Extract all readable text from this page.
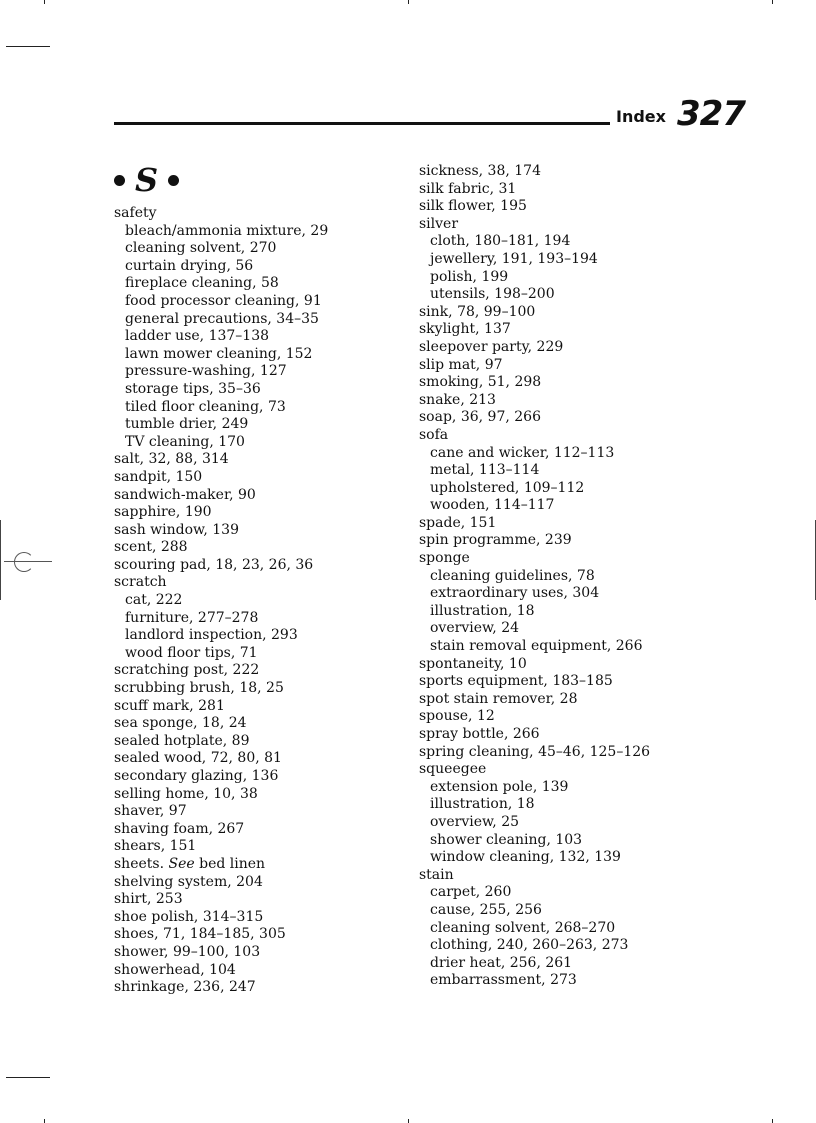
Index 327
S
safety
bleach/ammonia mixture, 29
cleaning solvent, 270
curtain drying, 56
fireplace cleaning, 58
food processor cleaning, 91
general precautions, 34–35
ladder use, 137–138
lawn mower cleaning, 152
pressure-washing, 127
storage tips, 35–36
tiled floor cleaning, 73
tumble drier, 249
TV cleaning, 170
salt, 32, 88, 314
sandpit, 150
sandwich-maker, 90
sapphire, 190
sash window, 139
scent, 288
scouring pad, 18, 23, 26, 36
scratch
cat, 222
furniture, 277–278
landlord inspection, 293
wood floor tips, 71
scratching post, 222
scrubbing brush, 18, 25
scuff mark, 281
sea sponge, 18, 24
sealed hotplate, 89
sealed wood, 72, 80, 81
secondary glazing, 136
selling home, 10, 38
shaver, 97
shaving foam, 267
shears, 151
sheets. See bed linen
shelving system, 204
shirt, 253
shoe polish, 314–315
shoes, 71, 184–185, 305
shower, 99–100, 103
showerhead, 104
shrinkage, 236, 247
sickness, 38, 174
silk fabric, 31
silk flower, 195
silver
cloth, 180–181, 194
jewellery, 191, 193–194
polish, 199
utensils, 198–200
sink, 78, 99–100
skylight, 137
sleepover party, 229
slip mat, 97
smoking, 51, 298
snake, 213
soap, 36, 97, 266
sofa
cane and wicker, 112–113
metal, 113–114
upholstered, 109–112
wooden, 114–117
spade, 151
spin programme, 239
sponge
cleaning guidelines, 78
extraordinary uses, 304
illustration, 18
overview, 24
stain removal equipment, 266
spontaneity, 10
sports equipment, 183–185
spot stain remover, 28
spouse, 12
spray bottle, 266
spring cleaning, 45–46, 125–126
squeegee
extension pole, 139
illustration, 18
overview, 25
shower cleaning, 103
window cleaning, 132, 139
stain
carpet, 260
cause, 255, 256
cleaning solvent, 268–270
clothing, 240, 260–263, 273
drier heat, 256, 261
embarrassment, 273
